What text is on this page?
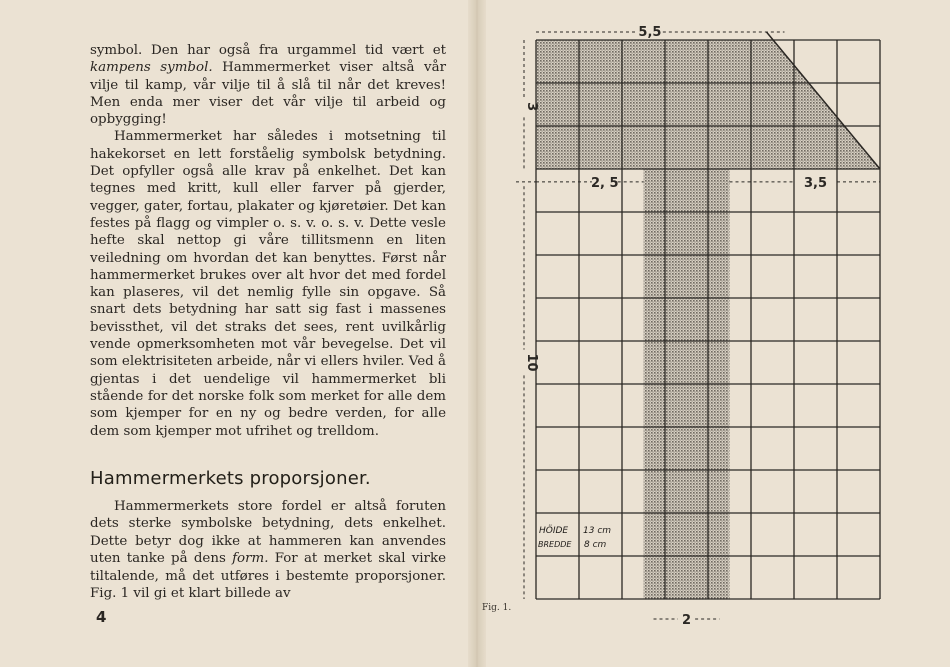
symbol. Den har også fra urgammel tid vært et kampens symbol. Hammermerket viser altså vår vilje til kamp, vår vilje til å slå til når det kreves! Men enda mer viser det vår vilje til arbeid og opbygging!

Hammermerket har således i motsetning til hakekorset en lett forståelig symbolsk betydning. Det opfyller også alle krav på enkelhet. Det kan tegnes med kritt, kull eller farver på gjerder, vegger, gater, fortau, plakater og kjøretøier. Det kan festes på flagg og vimpler o. s. v. o. s. v. Dette vesle hefte skal nettop gi våre tillitsmenn en liten veiledning om hvordan det kan benyttes. Først når hammermerket brukes over alt hvor det med fordel kan plaseres, vil det nemlig fylle sin opgave. Så snart dets betydning har satt sig fast i massenes bevissthet, vil det straks det sees, rent uvilkårlig vende opmerksomheten mot vår bevegelse. Det vil som elektrisiteten arbeide, når vi ellers hviler. Ved å gjentas i det uendelige vil hammermerket bli stående for det norske folk som merket for alle dem som kjemper for en ny og bedre verden, for alle dem som kjemper mot ufrihet og trelldom.

Hammermerkets proporsjoner.

Hammermerkets store fordel er altså foruten dets sterke symbolske betydning, dets enkelhet. Dette betyr dog ikke at hammeren kan anvendes uten tanke på dens form. For at merket skal virke tiltalende, må det utføres i bestemte proporsjoner. Fig. 1 vil gi et klart billede av

4
5,5
3
2, 5	3,5
10
2
HÖIDE 13 cm
BREDDE 8 cm
Fig. 1.
